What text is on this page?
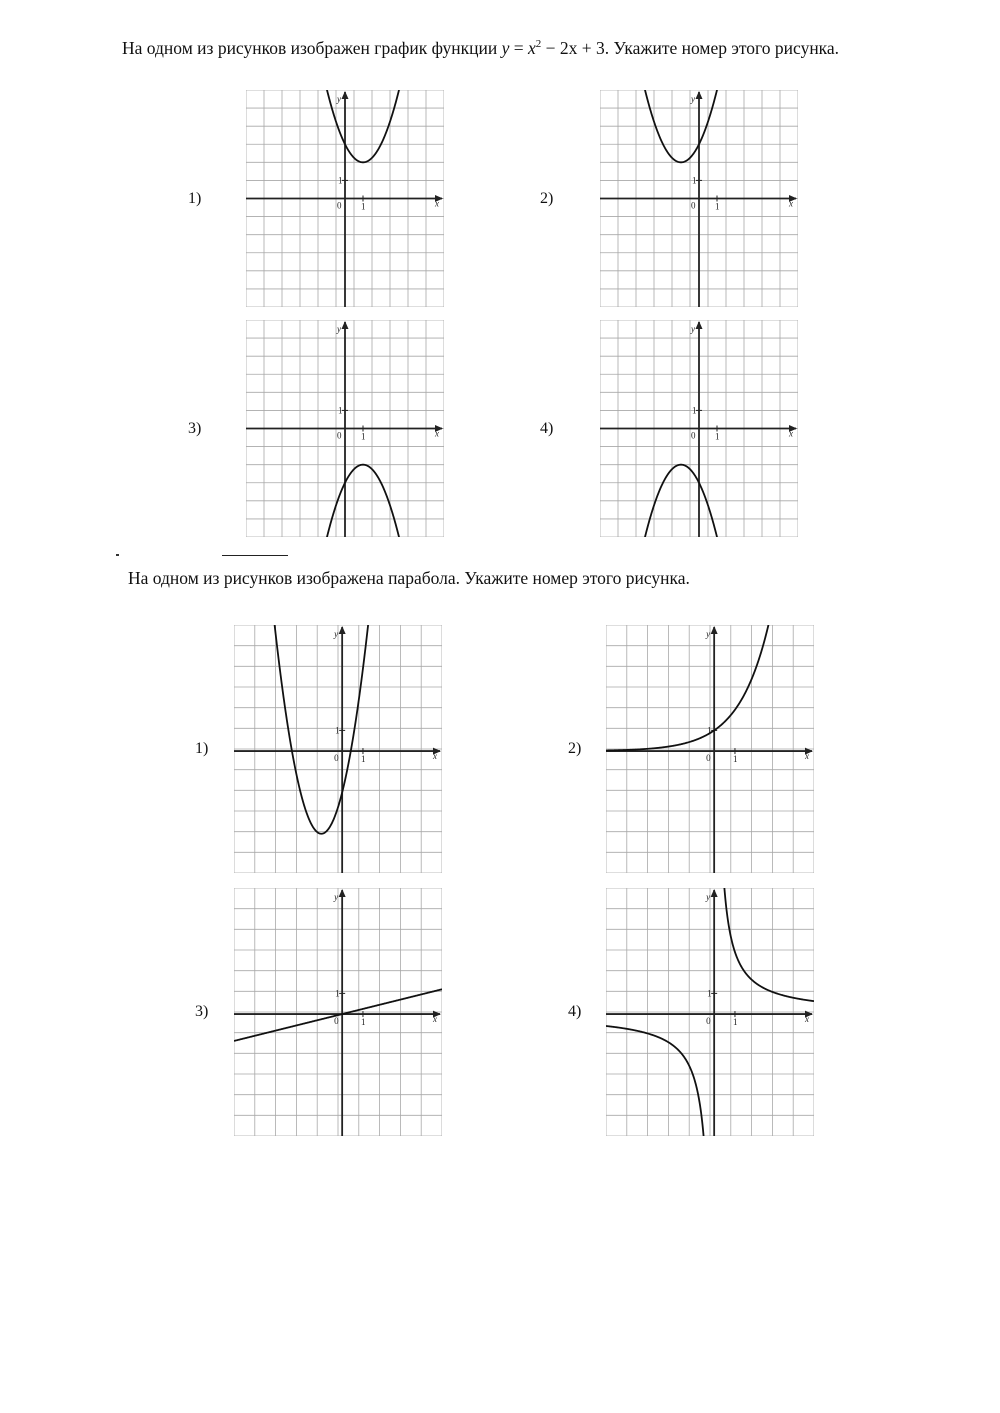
На одном из рисунков изображен график функции $y = x^2 - 2x + 3$. Укажите номер этого рисунка.
1)	2)
3)	4)
0 1
1
x
y
0 1
1
x
y
0 1
1
x
y
0 1
1
x
y
На одном из рисунков изображена парабола. Укажите номер этого рисунка.
1)	2)
3)	4)
0 1
1
x
y
0 1
1
x
y
0 1
1
x
y
0 1
1
x
y
